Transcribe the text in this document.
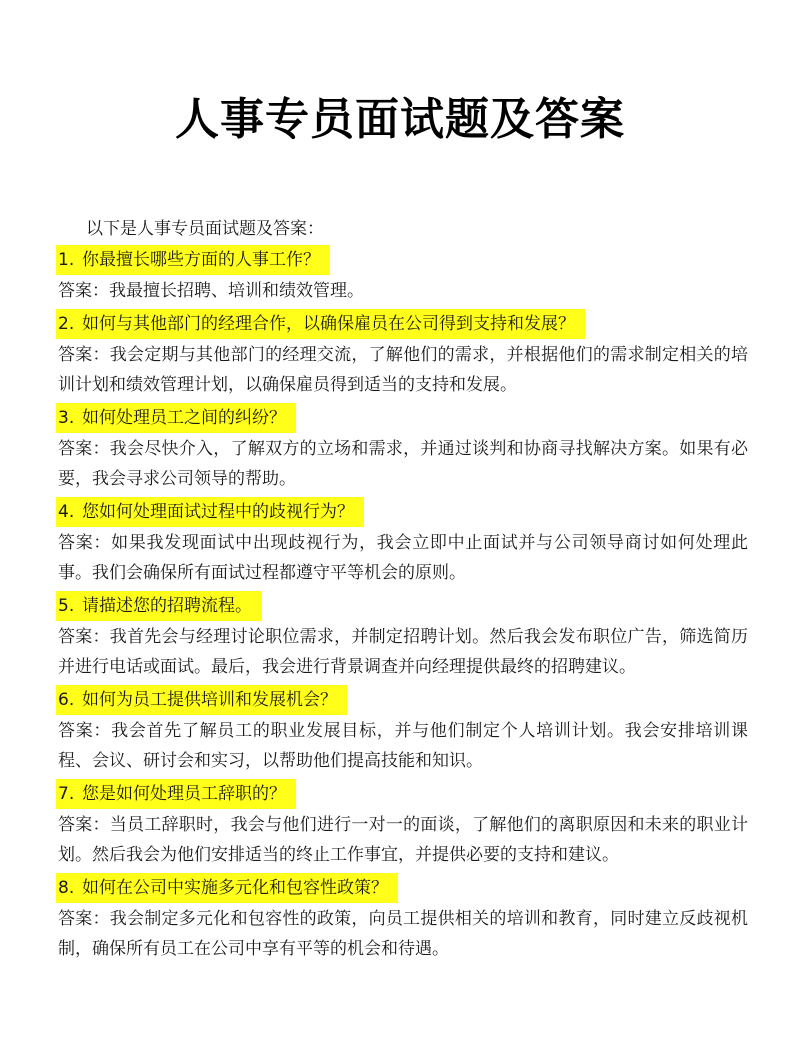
人事专员面试题及答案
以下是人事专员面试题及答案：
1. 你最擅长哪些方面的人事工作？

答案：我最擅长招聘、培训和绩效管理。

2. 如何与其他部门的经理合作，以确保雇员在公司得到支持和发展？

答案：我会定期与其他部门的经理交流，了解他们的需求，并根据他们的需求制定相关的培训计划和绩效管理计划，以确保雇员得到适当的支持和发展。

3. 如何处理员工之间的纠纷？

答案：我会尽快介入，了解双方的立场和需求，并通过谈判和协商寻找解决方案。如果有必要，我会寻求公司领导的帮助。

4. 您如何处理面试过程中的歧视行为？

答案：如果我发现面试中出现歧视行为，我会立即中止面试并与公司领导商讨如何处理此事。我们会确保所有面试过程都遵守平等机会的原则。

5. 请描述您的招聘流程。

答案：我首先会与经理讨论职位需求，并制定招聘计划。然后我会发布职位广告，筛选简历并进行电话或面试。最后，我会进行背景调查并向经理提供最终的招聘建议。

6. 如何为员工提供培训和发展机会？

答案：我会首先了解员工的职业发展目标，并与他们制定个人培训计划。我会安排培训课程、会议、研讨会和实习，以帮助他们提高技能和知识。

7. 您是如何处理员工辞职的？

答案：当员工辞职时，我会与他们进行一对一的面谈，了解他们的离职原因和未来的职业计划。然后我会为他们安排适当的终止工作事宜，并提供必要的支持和建议。

8. 如何在公司中实施多元化和包容性政策？

答案：我会制定多元化和包容性的政策，向员工提供相关的培训和教育，同时建立反歧视机制，确保所有员工在公司中享有平等的机会和待遇。
